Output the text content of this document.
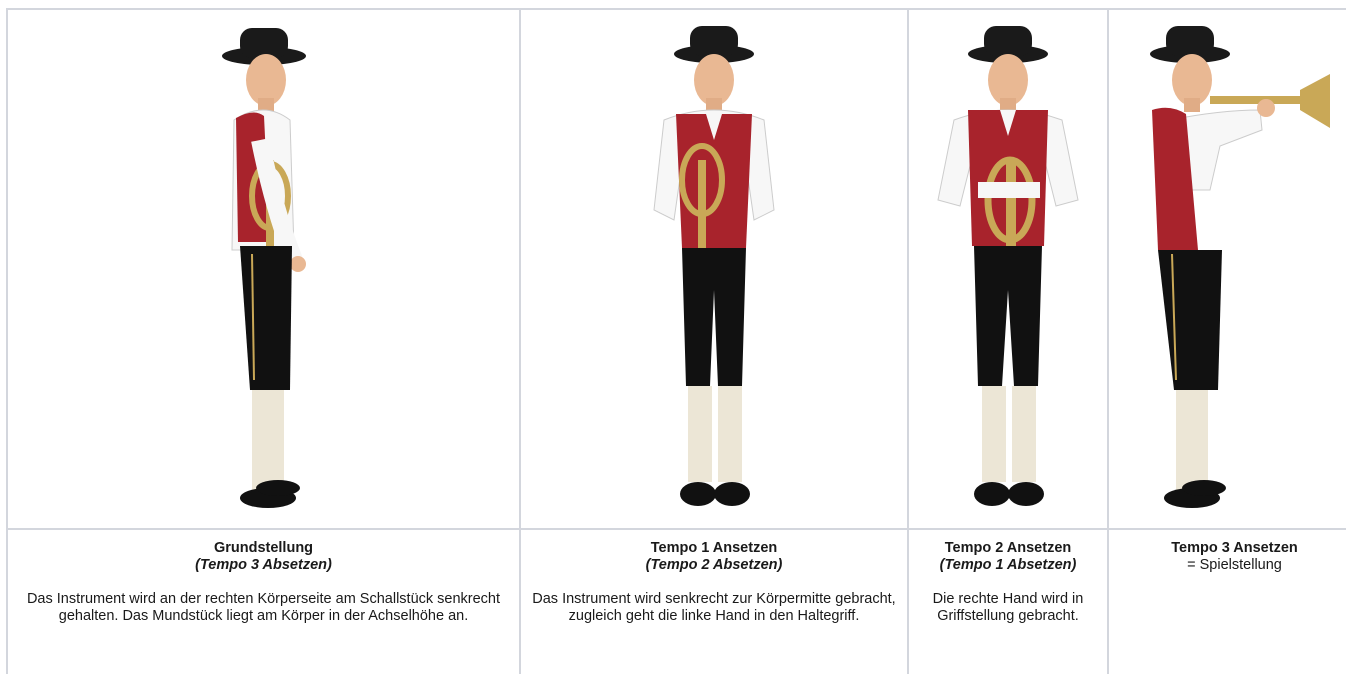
Grundstellung
(Tempo 3 Absetzen)
Das Instrument wird an der rechten Körperseite am Schallstück senkrecht gehalten. Das Mundstück liegt am Körper in der Achselhöhe an.
Tempo 1 Ansetzen
(Tempo 2 Absetzen)
Das Instrument wird senkrecht zur Körpermitte gebracht, zugleich geht die linke Hand in den Haltegriff.
Tempo 2 Ansetzen
(Tempo 1 Absetzen)
Die rechte Hand wird in Griffstellung gebracht.
Tempo 3 Ansetzen
= Spielstellung
